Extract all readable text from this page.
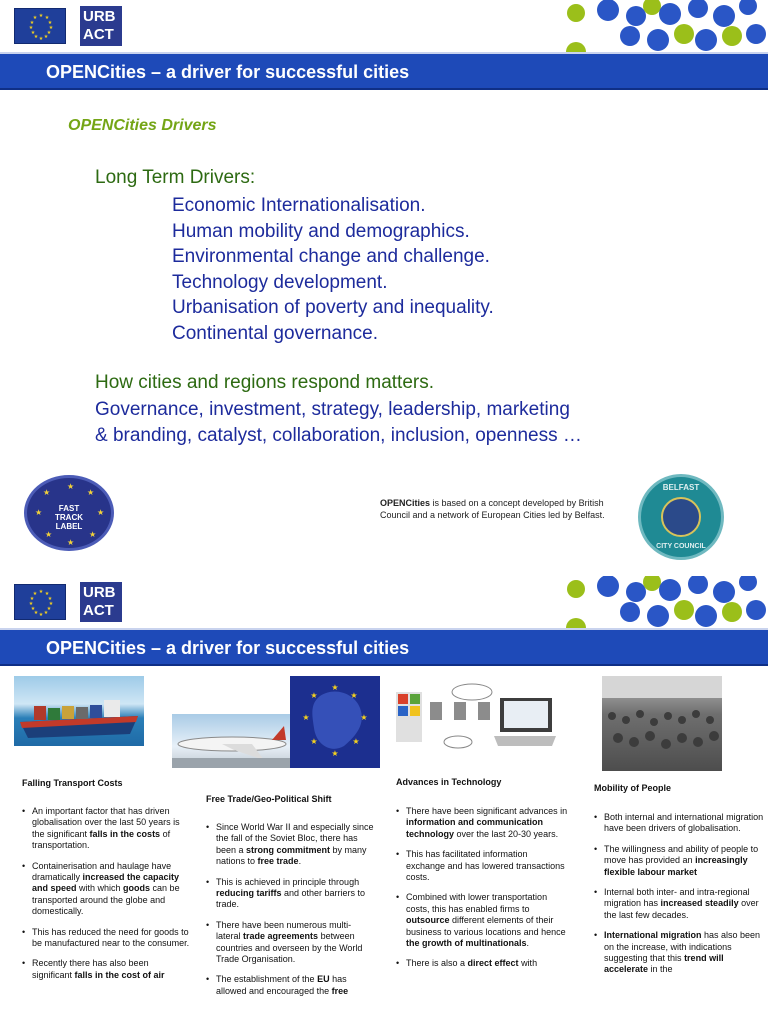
★ ★
★
★
★
★
★
★
★
★
★
★	URB
ACT
OPENCities – a driver for successful cities
OPENCities Drivers
Long Term Drivers:
Economic Internationalisation.
Human mobility and demographics.
Environmental change and challenge.
Technology development.
Urbanisation of poverty and inequality.
Continental governance.
How cities and regions respond matters.
Governance, investment, strategy, leadership, marketing
& branding, catalyst, collaboration, inclusion, openness …
★
★
★
★
★
★
★
★
FAST
TRACK
LABEL
OPENCities is based on a concept developed by British Council and a network of European Cities led by Belfast.
BELFAST
CITY COUNCIL
★ ★
★
★
★
★
★
★
★
★
★
★	URB
ACT
OPENCities – a driver for successful cities
★
★
★
★
★
★
★
★
Falling Transport Costs
• An important factor that has driven globalisation over the last 50 years is the significant falls in the costs of transportation.
• Containerisation and haulage have dramatically increased the capacity and speed with which goods can be transported around the globe and domestically.
• This has reduced the need for goods to be manufactured near to the consumer.
• Recently there has also been significant falls in the cost of air
Free Trade/Geo-Political Shift
• Since World War II and especially since the fall of the Soviet Bloc, there has been a strong commitment by many nations to free trade.
• This is achieved in principle through reducing tariffs and other barriers to trade.
• There have been numerous multi-lateral trade agreements between countries and overseen by the World Trade Organisation.
• The establishment of the EU has allowed and encouraged the free
Advances in Technology
• There have been significant advances in information and communication technology over the last 20-30 years.
• This has facilitated information exchange and has lowered transactions costs.
• Combined with lower transportation costs, this has enabled firms to outsource different elements of their business to various locations and hence the growth of multinationals.
• There is also a direct effect with
Mobility of People
• Both internal and international migration have been drivers of globalisation.
• The willingness and ability of people to move has provided an increasingly flexible labour market
• Internal both inter- and intra-regional migration has increased steadily over the last few decades.
• International migration has also been on the increase, with indications suggesting that this trend will accelerate in the
